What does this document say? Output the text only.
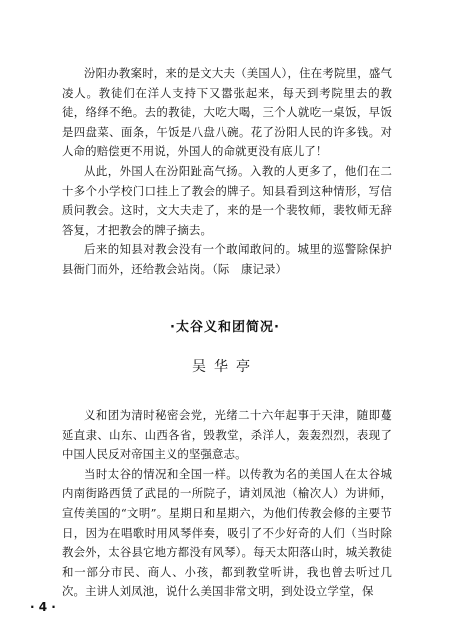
汾阳办教案时，来的是文大夫（美国人），住在考院里，盛气凌人。教徒们在洋人支持下又嚣张起来，每天到考院里去的教徒，络绎不绝。去的教徒，大吃大喝，三个人就吃一桌饭，早饭是四盘菜、面条，午饭是八盘八碗。花了汾阳人民的许多钱。对人命的赔偿更不用说，外国人的命就更没有底儿了！

从此，外国人在汾阳趾高气扬。入教的人更多了，他们在二十多个小学校门口挂上了教会的牌子。知县看到这种情形，写信质问教会。这时，文大夫走了，来的是一个裴牧师，裴牧师无辞答复，才把教会的牌子摘去。

后来的知县对教会没有一个敢闻敢问的。城里的巡警除保护县衙门而外，还给教会站岗。（际　康记录）

·太谷义和团简况·

吴华亭

义和团为清时秘密会党，光绪二十六年起事于天津，随即蔓延直隶、山东、山西各省，毁教堂，杀洋人，轰轰烈烈，表现了中国人民反对帝国主义的坚强意志。

当时太谷的情况和全国一样。以传教为名的美国人在太谷城内南街路西赁了武昆的一所院子，请刘凤池（榆次人）为讲师，宣传美国的“文明”。星期日和星期六，为他们传教会修的主要节日，因为在唱歌时用风琴伴奏，吸引了不少好奇的人们（当时除教会外，太谷县它地方都没有风琴）。每天太阳落山时，城关教徒和一部分市民、商人、小孩，都到教堂听讲，我也曾去听过几次。主讲人刘凤池，说什么美国非常文明，到处设立学堂，保

· 4 ·
